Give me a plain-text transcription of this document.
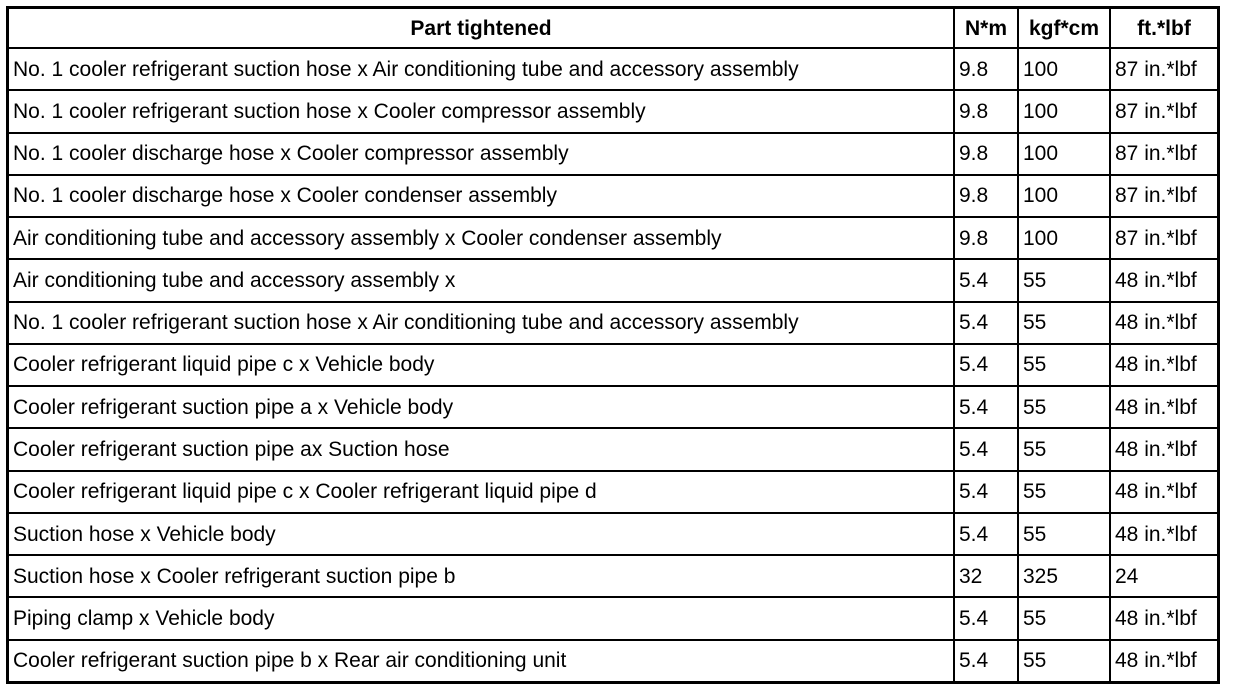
Part tightened	N*m	kgf*cm	ft.*lbf
No. 1 cooler refrigerant suction hose x Air conditioning tube and accessory assembly	9.8	100	87 in.*lbf
No. 1 cooler refrigerant suction hose x Cooler compressor assembly	9.8	100	87 in.*lbf
No. 1 cooler discharge hose x Cooler compressor assembly	9.8	100	87 in.*lbf
No. 1 cooler discharge hose x Cooler condenser assembly	9.8	100	87 in.*lbf
Air conditioning tube and accessory assembly x Cooler condenser assembly	9.8	100	87 in.*lbf
Air conditioning tube and accessory assembly x	5.4	55	48 in.*lbf
No. 1 cooler refrigerant suction hose x Air conditioning tube and accessory assembly	5.4	55	48 in.*lbf
Cooler refrigerant liquid pipe c x Vehicle body	5.4	55	48 in.*lbf
Cooler refrigerant suction pipe a x Vehicle body	5.4	55	48 in.*lbf
Cooler refrigerant suction pipe ax Suction hose	5.4	55	48 in.*lbf
Cooler refrigerant liquid pipe c x Cooler refrigerant liquid pipe d	5.4	55	48 in.*lbf
Suction hose x Vehicle body	5.4	55	48 in.*lbf
Suction hose x Cooler refrigerant suction pipe b	32	325	24
Piping clamp x Vehicle body	5.4	55	48 in.*lbf
Cooler refrigerant suction pipe b x Rear air conditioning unit	5.4	55	48 in.*lbf
